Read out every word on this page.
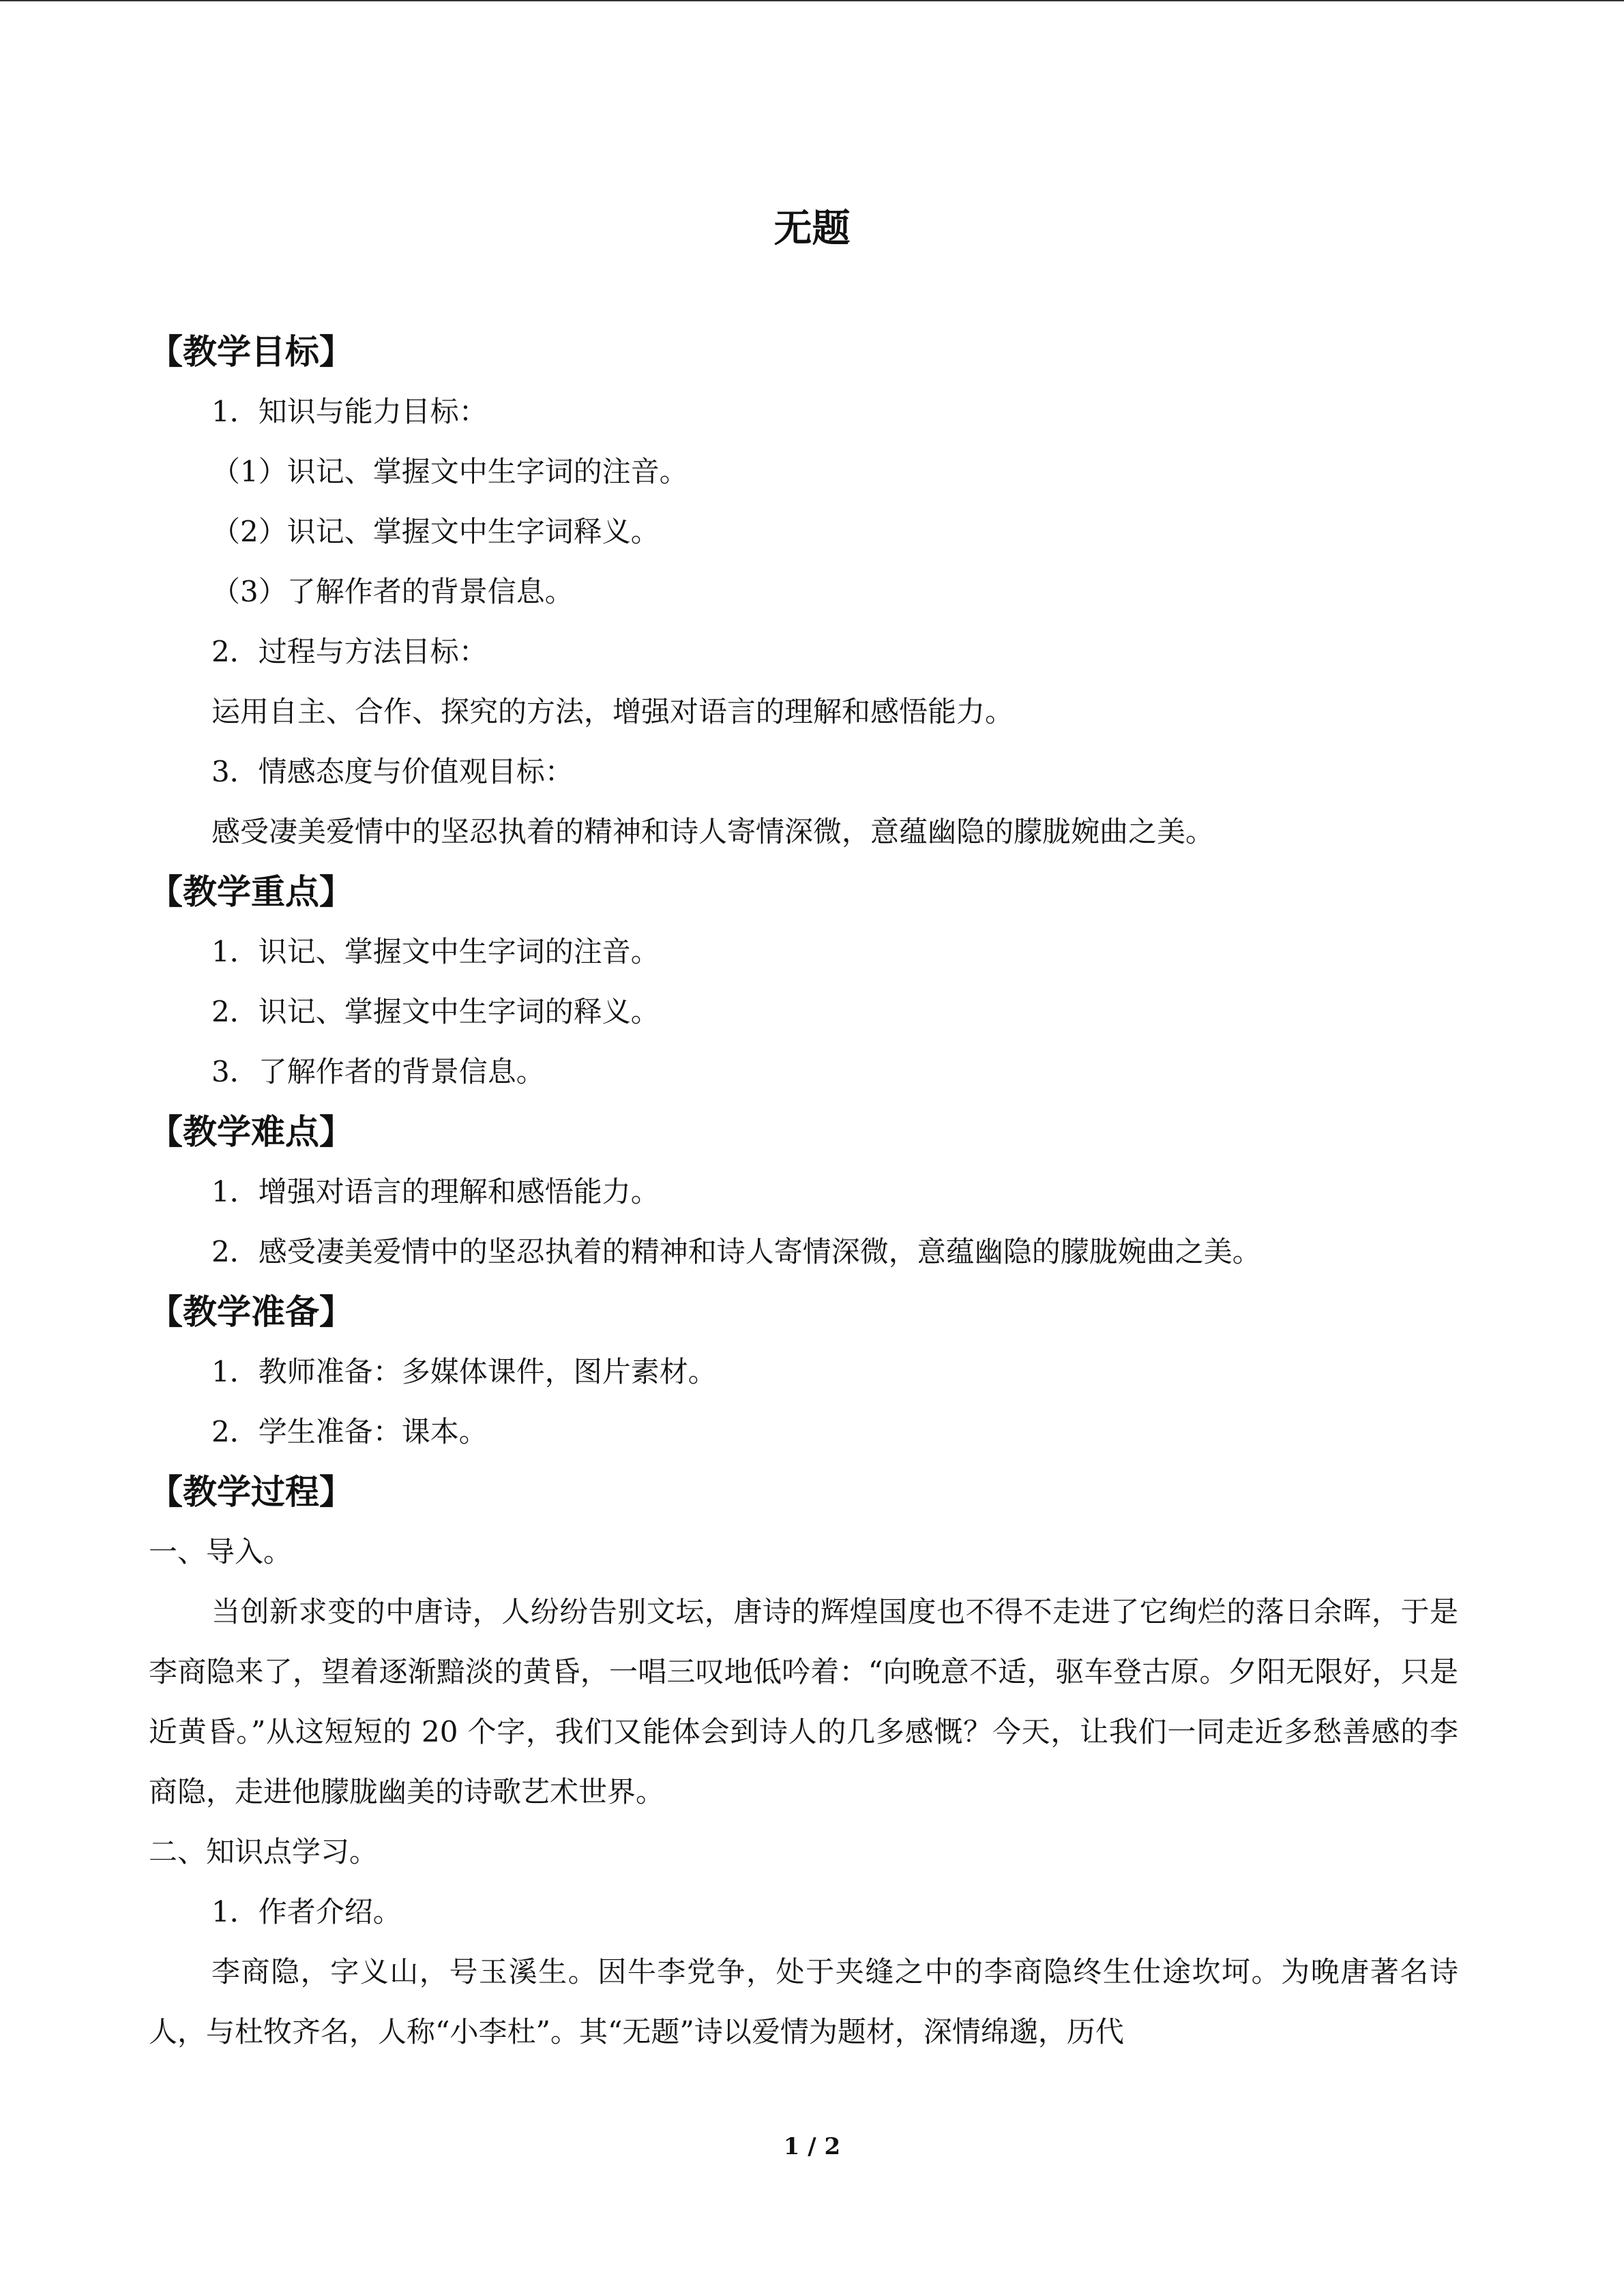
无题
【教学目标】
1．知识与能力目标：
（1）识记、掌握文中生字词的注音。
（2）识记、掌握文中生字词释义。
（3）了解作者的背景信息。
2．过程与方法目标：
运用自主、合作、探究的方法，增强对语言的理解和感悟能力。
3．情感态度与价值观目标：
感受凄美爱情中的坚忍执着的精神和诗人寄情深微，意蕴幽隐的朦胧婉曲之美。
【教学重点】
1．识记、掌握文中生字词的注音。
2．识记、掌握文中生字词的释义。
3．了解作者的背景信息。
【教学难点】
1．增强对语言的理解和感悟能力。
2．感受凄美爱情中的坚忍执着的精神和诗人寄情深微，意蕴幽隐的朦胧婉曲之美。
【教学准备】
1．教师准备：多媒体课件，图片素材。
2．学生准备：课本。
【教学过程】
一、导入。
当创新求变的中唐诗，人纷纷告别文坛，唐诗的辉煌国度也不得不走进了它绚烂的落日余晖，于是李商隐来了，望着逐渐黯淡的黄昏，一唱三叹地低吟着：“向晚意不适，驱车登古原。夕阳无限好，只是近黄昏。”从这短短的 20 个字，我们又能体会到诗人的几多感慨？今天，让我们一同走近多愁善感的李商隐，走进他朦胧幽美的诗歌艺术世界。
二、知识点学习。
1．作者介绍。
李商隐，字义山，号玉溪生。因牛李党争，处于夹缝之中的李商隐终生仕途坎坷。为晚唐著名诗人，与杜牧齐名，人称“小李杜”。其“无题”诗以爱情为题材，深情绵邈，历代
1 / 2
